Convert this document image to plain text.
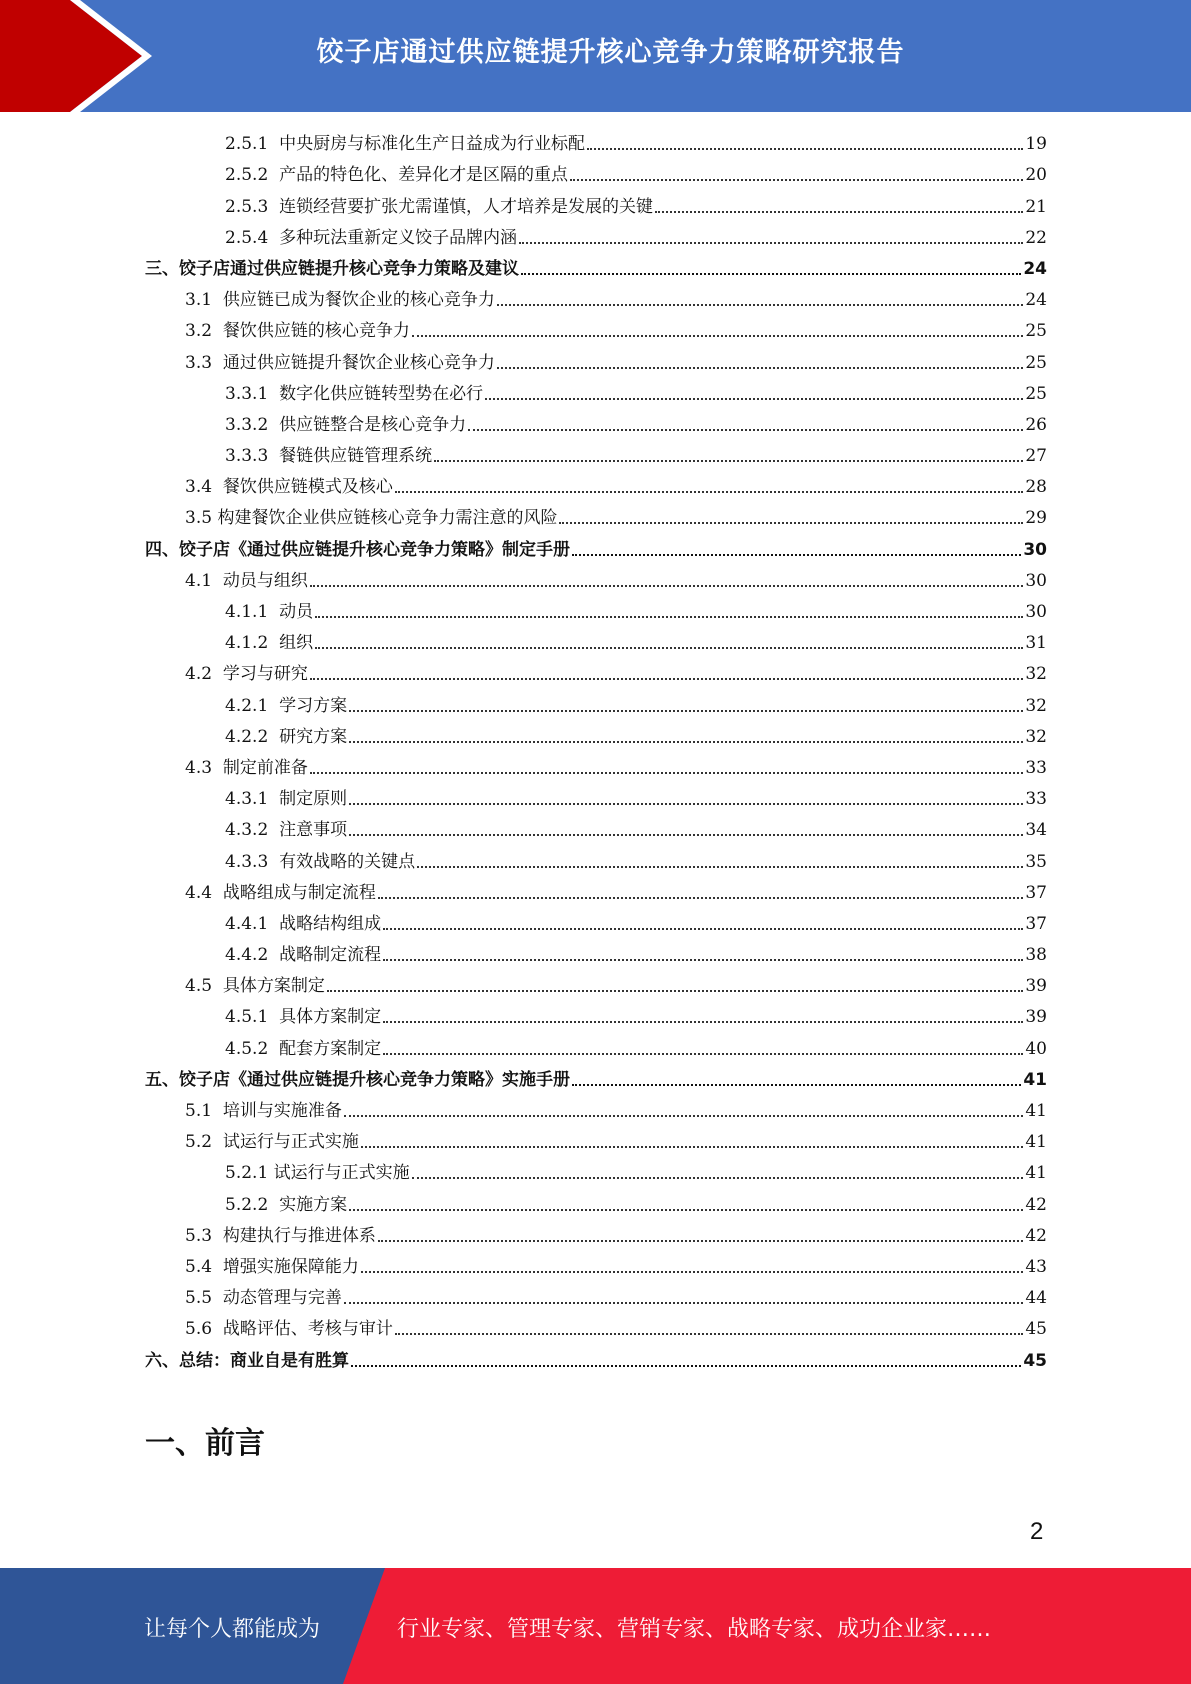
饺子店通过供应链提升核心竞争力策略研究报告
2.5.1  中央厨房与标准化生产日益成为行业标配	19
2.5.2  产品的特色化、差异化才是区隔的重点	20
2.5.3  连锁经营要扩张尤需谨慎，人才培养是发展的关键	21
2.5.4  多种玩法重新定义饺子品牌内涵	22
三、饺子店通过供应链提升核心竞争力策略及建议	24
3.1  供应链已成为餐饮企业的核心竞争力	24
3.2  餐饮供应链的核心竞争力	25
3.3  通过供应链提升餐饮企业核心竞争力	25
3.3.1  数字化供应链转型势在必行	25
3.3.2  供应链整合是核心竞争力	26
3.3.3  餐链供应链管理系统	27
3.4  餐饮供应链模式及核心	28
3.5 构建餐饮企业供应链核心竞争力需注意的风险	29
四、饺子店《通过供应链提升核心竞争力策略》制定手册	30
4.1  动员与组织	30
4.1.1  动员	30
4.1.2  组织	31
4.2  学习与研究	32
4.2.1  学习方案	32
4.2.2  研究方案	32
4.3  制定前准备	33
4.3.1  制定原则	33
4.3.2  注意事项	34
4.3.3  有效战略的关键点	35
4.4  战略组成与制定流程	37
4.4.1  战略结构组成	37
4.4.2  战略制定流程	38
4.5  具体方案制定	39
4.5.1  具体方案制定	39
4.5.2  配套方案制定	40
五、饺子店《通过供应链提升核心竞争力策略》实施手册	41
5.1  培训与实施准备	41
5.2  试运行与正式实施	41
5.2.1 试运行与正式实施	41
5.2.2  实施方案	42
5.3  构建执行与推进体系	42
5.4  增强实施保障能力	43
5.5  动态管理与完善	44
5.6  战略评估、考核与审计	45
六、总结：商业自是有胜算	45
一、前言
2
让每个人都能成为	行业专家、管理专家、营销专家、战略专家、成功企业家……
